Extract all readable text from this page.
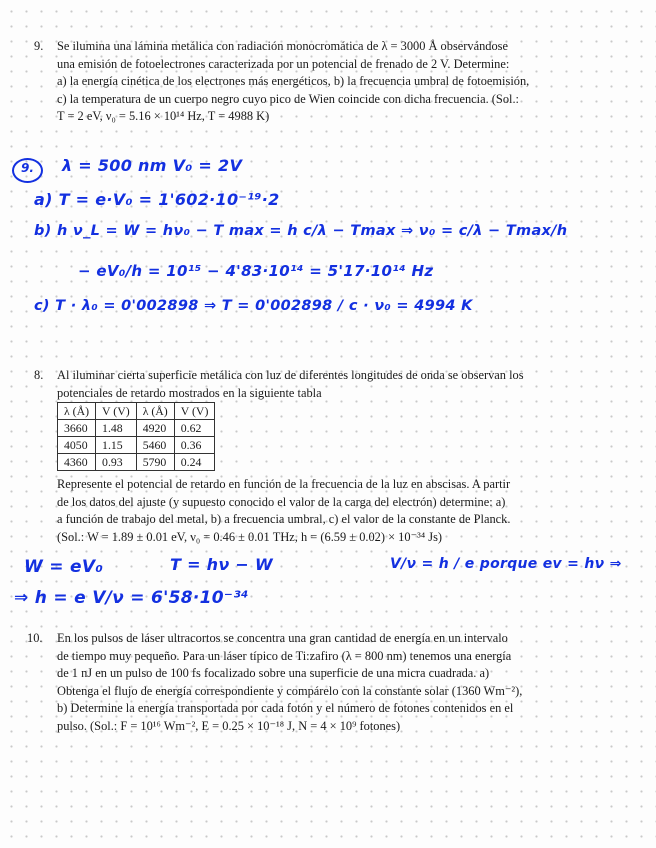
9. Se ilumina una lámina metálica con radiación monocromática de λ = 3000 Å observándose

una emisión de fotoelectrones caracterizada por un potencial de frenado de 2 V. Determine:

a) la energía cinética de los electrones más energéticos, b) la frecuencia umbral de fotoemisión,

c) la temperatura de un cuerpo negro cuyo pico de Wien coincide con dicha frecuencia. (Sol.:

T = 2 eV, ν₀ = 5.16 × 10¹⁴ Hz, T = 4988 K)

9.	λ = 500 nm V₀ = 2V

a) T = e·V₀ = 1'602·10⁻¹⁹·2

b) h ν_L = W = hν₀ − T max = h c/λ − Tmax ⇒ ν₀ = c/λ − Tmax/h

− eV₀/h = 10¹⁵ − 4'83·10¹⁴ = 5'17·10¹⁴ Hz

c) T · λ₀ = 0'002898 ⇒ T = 0'002898 / c · ν₀ = 4994 K

8. Al iluminar cierta superficie metálica con luz de diferentes longitudes de onda se observan los

potenciales de retardo mostrados en la siguiente tabla

λ (Å)	V (V)	λ (Å)	V (V)
3660	1.48	4920	0.62
4050	1.15	5460	0.36
4360	0.93	5790	0.24

Represente el potencial de retardo en función de la frecuencia de la luz en abscisas. A partir

de los datos del ajuste (y supuesto conocido el valor de la carga del electrón) determine: a)

a función de trabajo del metal, b) a frecuencia umbral, c) el valor de la constante de Planck.

(Sol.: W = 1.89 ± 0.01 eV, ν₀ = 0.46 ± 0.01 THz, h = (6.59 ± 0.02) × 10⁻³⁴ Js)

W = eV₀	T = hν − W	V/ν = h / e porque ev = hν ⇒

⇒ h = e V/ν = 6'58·10⁻³⁴

10. En los pulsos de láser ultracortos se concentra una gran cantidad de energía en un intervalo

de tiempo muy pequeño. Para un láser típico de Ti:zafiro (λ = 800 nm) tenemos una energía

de 1 nJ en un pulso de 100 fs focalizado sobre una superficie de una micra cuadrada. a)

Obtenga el flujo de energía correspondiente y compárelo con la constante solar (1360 Wm⁻²),

b) Determine la energía transportada por cada fotón y el número de fotones contenidos en el

pulso. (Sol.: F = 10¹⁶ Wm⁻², E = 0.25 × 10⁻¹⁸ J, N = 4 × 10⁹ fotones)
